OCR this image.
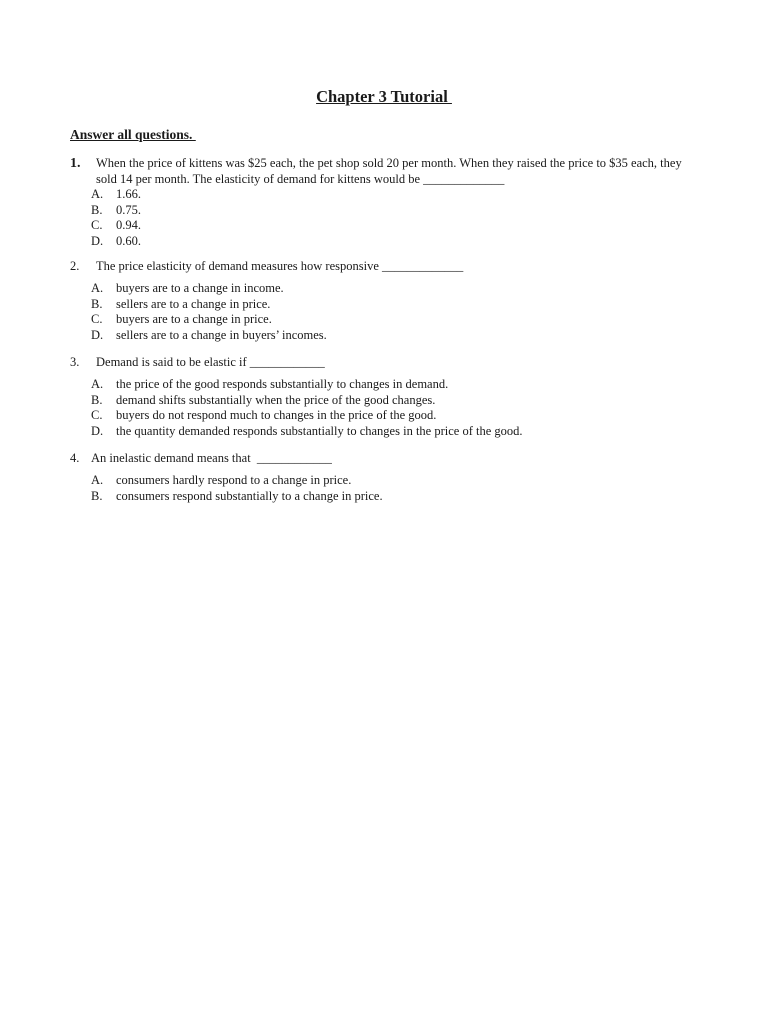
Chapter 3 Tutorial
Answer all questions.
1.	When the price of kittens was $25 each, the pet shop sold 20 per month. When they raised the price to $35 each, they sold 14 per month. The elasticity of demand for kittens would be _____________
A.	1.66.
B.	0.75.
C.	0.94.
D.	0.60.
2.	The price elasticity of demand measures how responsive _____________
A.	buyers are to a change in income.
B.	sellers are to a change in price.
C.	buyers are to a change in price.
D.	sellers are to a change in buyers’ incomes.
3.	Demand is said to be elastic if ____________
A.	the price of the good responds substantially to changes in demand.
B.	demand shifts substantially when the price of the good changes.
C.	buyers do not respond much to changes in the price of the good.
D.	the quantity demanded responds substantially to changes in the price of the good.
4. An inelastic demand means that  ____________
A.	consumers hardly respond to a change in price.
B.	consumers respond substantially to a change in price.
